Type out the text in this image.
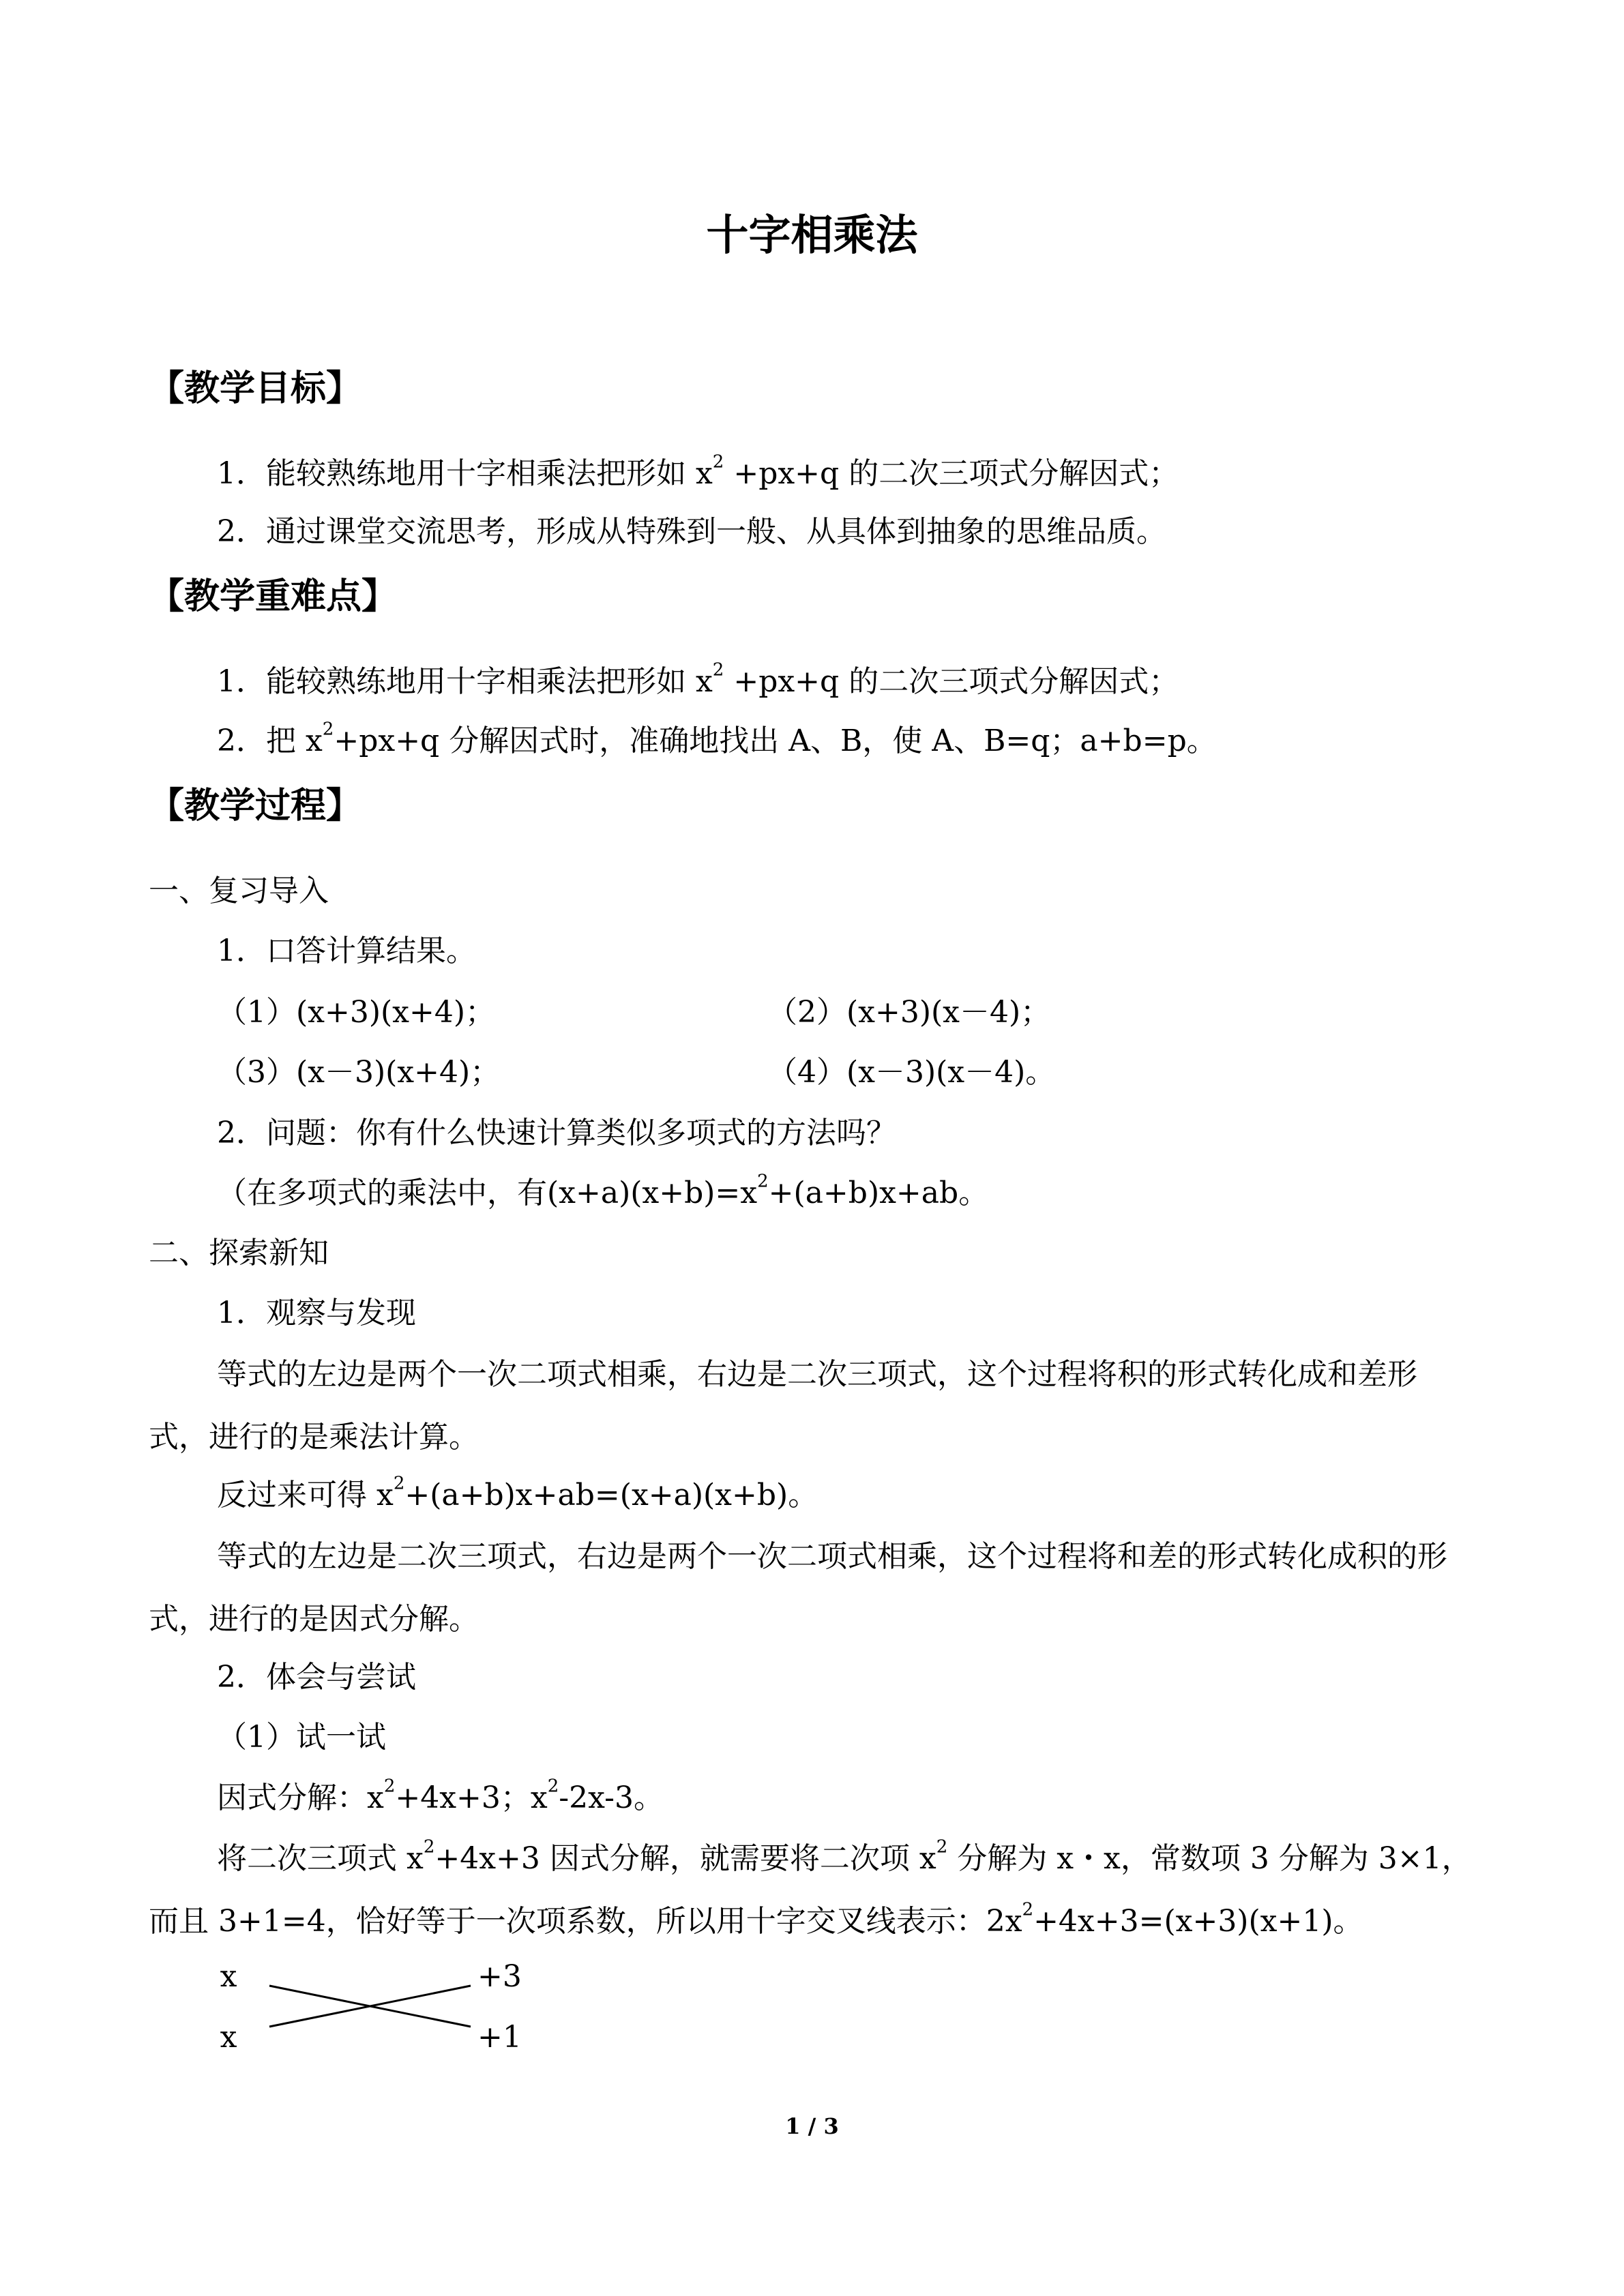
十字相乘法
【教学目标】
1．能较熟练地用十字相乘法把形如 $x^2 +px+q$ 的二次三项式分解因式；
2．通过课堂交流思考，形成从特殊到一般、从具体到抽象的思维品质。
【教学重难点】
1．能较熟练地用十字相乘法把形如 $x^2 +px+q$ 的二次三项式分解因式；
2．把 $x^2+px+q$ 分解因式时，准确地找出 A、B，使 A、B=q；a+b=p。
【教学过程】
一、复习导入
1．口答计算结果。
（1）(x+3)(x+4)；	（2）(x+3)(x－4)；
（3）(x－3)(x+4)；	（4）(x－3)(x－4)。
2．问题：你有什么快速计算类似多项式的方法吗？
（在多项式的乘法中，有$(x+a)(x+b)=x^2+(a+b)x+ab$。
二、探索新知
1．观察与发现
等式的左边是两个一次二项式相乘，右边是二次三项式，这个过程将积的形式转化成和差形式，进行的是乘法计算。
反过来可得 $x^2+(a+b)x+ab=(x+a)(x+b)$。
等式的左边是二次三项式，右边是两个一次二项式相乘，这个过程将和差的形式转化成积的形式，进行的是因式分解。
2．体会与尝试
（1）试一试
因式分解：$x^2+4x+3$；$x^2-2x-3$。
将二次三项式 $x^2+4x+3$ 因式分解，就需要将二次项 $x^2$ 分解为 x・x，常数项 3 分解为 3×1，而且 3+1=4，恰好等于一次项系数，所以用十字交叉线表示：$2x^2+4x+3=(x+3)(x+1)$。
x
x
+3
+1
1 / 3
